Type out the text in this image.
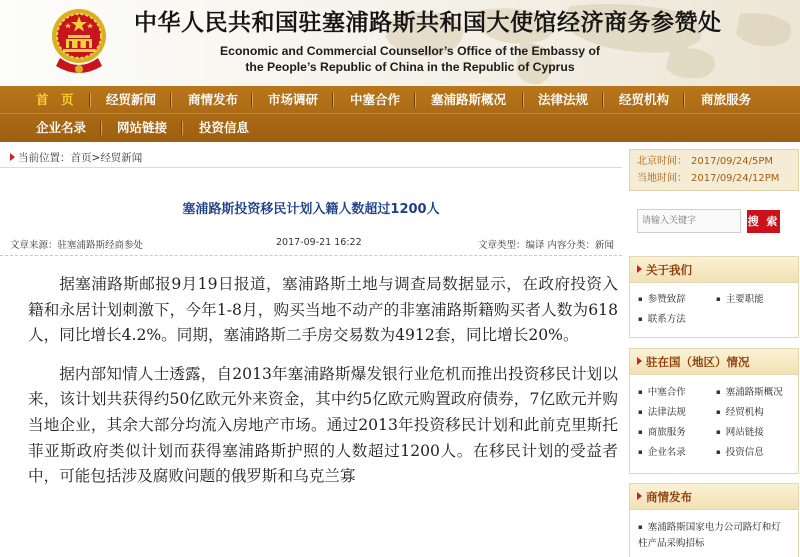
中华人民共和国驻塞浦路斯共和国大使馆经济商务参赞处
Economic and Commercial Counsellor’s Office of the Embassy of
the People’s Republic of China in the Republic of Cyprus
首　页	经贸新闻	商情发布 市场调研	中塞合作 塞浦路斯概况	法律法规 经贸机构	商旅服务
企业名录 网站链接	投资信息
当前位置：首页>经贸新闻
塞浦路斯投资移民计划入籍人数超过1200人
文章来源：驻塞浦路斯经商参处	2017-09-21 16:22	文章类型：编译 内容分类：新闻

据塞浦路斯邮报9月19日报道，塞浦路斯土地与调查局数据显示，在政府投资入籍和永居计划刺激下，今年1-8月，购买当地不动产的非塞浦路斯籍购买者人数为618人，同比增长4.2%。同期，塞浦路斯二手房交易数为4912套，同比增长20%。

据内部知情人士透露，自2013年塞浦路斯爆发银行业危机而推出投资移民计划以来，该计划共获得约50亿欧元外来资金，其中约5亿欧元购置政府债券，7亿欧元并购当地企业，其余大部分均流入房地产市场。通过2013年投资移民计划和此前克里斯托菲亚斯政府类似计划而获得塞浦路斯护照的人数超过1200人。在移民计划的受益者中，可能包括涉及腐败问题的俄罗斯和乌克兰寡

北京时间： 2017/09/24/5PM
当地时间： 2017/09/24/12PM
请输入关键字
搜 索
关于我们
▪ 参赞致辞	▪ 主要职能
▪ 联系方法
驻在国（地区）情况
▪ 中塞合作	▪ 塞浦路斯概况
▪ 法律法规	▪ 经贸机构
▪ 商旅服务	▪ 网站链接
▪ 企业名录	▪ 投资信息
商情发布
▪ 塞浦路斯国家电力公司路灯和灯柱产品采购招标
